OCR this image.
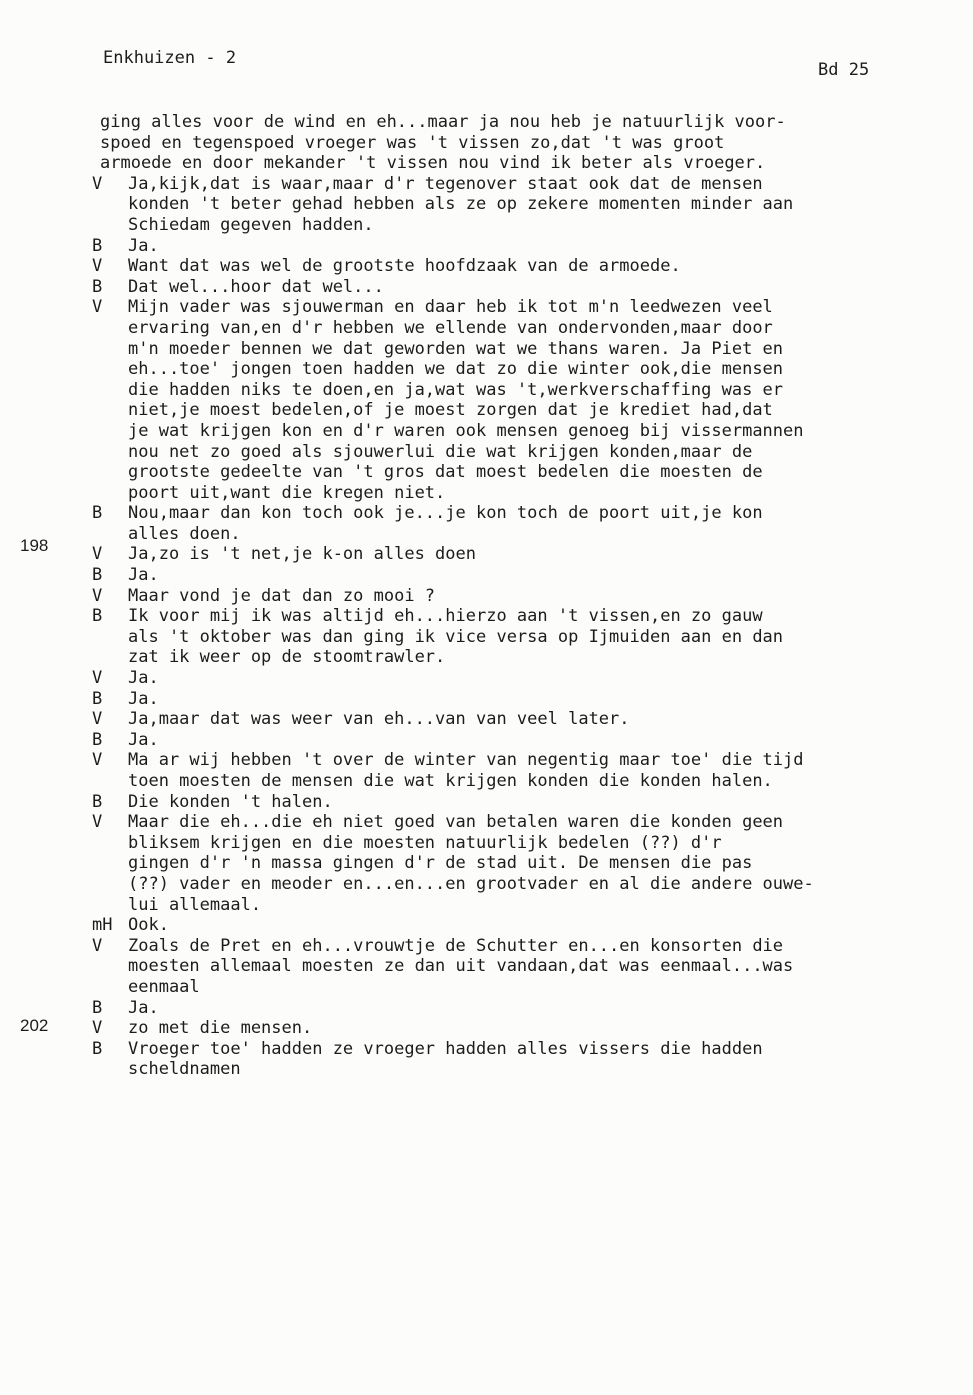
Enkhuizen - 2
Bd 25
198
202
ging alles voor de wind en eh...maar ja nou heb je natuurlijk voor-
spoed en tegenspoed vroeger was 't vissen zo,dat 't was groot
armoede en door mekander 't vissen nou vind ik beter als vroeger.
V	Ja,kijk,dat is waar,maar d'r tegenover staat ook dat de mensen
konden 't beter gehad hebben als ze op zekere momenten minder aan
Schiedam gegeven hadden.
B	Ja.
V	Want dat was wel de grootste hoofdzaak van de armoede.
B	Dat wel...hoor dat wel...
V	Mijn vader was sjouwerman en daar heb ik tot m'n leedwezen veel
ervaring van,en d'r hebben we ellende van ondervonden,maar door
m'n moeder bennen we dat geworden wat we thans waren. Ja Piet en
eh...toe' jongen toen hadden we dat zo die winter ook,die mensen
die hadden niks te doen,en ja,wat was 't,werkverschaffing was er
niet,je moest bedelen,of je moest zorgen dat je krediet had,dat
je wat krijgen kon en d'r waren ook mensen genoeg bij vissermannen
nou net zo goed als sjouwerlui die wat krijgen konden,maar de
grootste gedeelte van 't gros dat moest bedelen die moesten de
poort uit,want die kregen niet.
B	Nou,maar dan kon toch ook je...je kon toch de poort uit,je kon
alles doen.
V	Ja,zo is 't net,je k-on alles doen
B	Ja.
V	Maar vond je dat dan zo mooi ?
B	Ik voor mij ik was altijd eh...hierzo aan 't vissen,en zo gauw
als 't oktober was dan ging ik vice versa op Ijmuiden aan en dan
zat ik weer op de stoomtrawler.
V	Ja.
B	Ja.
V	Ja,maar dat was weer van eh...van van veel later.
B	Ja.
V	Ma ar wij hebben 't over de winter van negentig maar toe' die tijd
toen moesten de mensen die wat krijgen konden die konden halen.
B	Die konden 't halen.
V	Maar die eh...die eh niet goed van betalen waren die konden geen
bliksem krijgen en die moesten natuurlijk bedelen (??) d'r
gingen d'r 'n massa gingen d'r de stad uit. De mensen die pas
(??) vader en meoder en...en...en grootvader en al die andere ouwe-
lui allemaal.
mH Ook.
V	Zoals de Pret en eh...vrouwtje de Schutter en...en konsorten die
moesten allemaal moesten ze dan uit vandaan,dat was eenmaal...was
eenmaal
B	Ja.
V	zo met die mensen.
B	Vroeger toe' hadden ze vroeger hadden alles vissers die hadden
scheldnamen
